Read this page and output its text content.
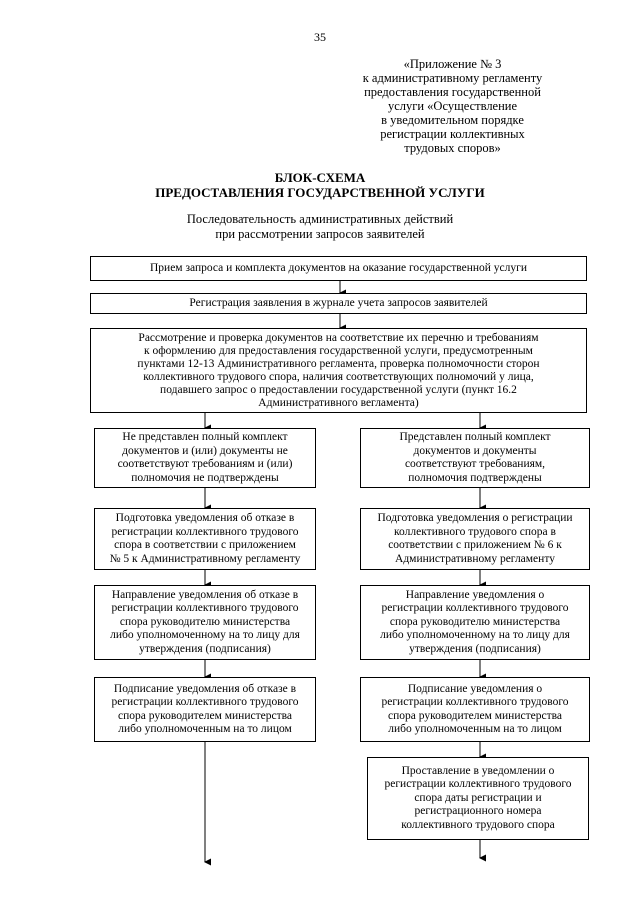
35
«Приложение № 3
к административному регламенту
предоставления государственной
услуги «Осуществление
в уведомительном порядке
регистрации коллективных
трудовых споров»
БЛОК-СХЕМА
ПРЕДОСТАВЛЕНИЯ ГОСУДАРСТВЕННОЙ УСЛУГИ
Последовательность административных действий
при рассмотрении запросов заявителей
Прием запроса и комплекта документов на оказание государственной услуги
Регистрация заявления в журнале учета запросов заявителей
Рассмотрение и проверка документов на соответствие их перечню и требованиям
к оформлению для предоставления государственной услуги, предусмотренным
пунктами 12-13 Административного регламента, проверка полномочности сторон
коллективного трудового спора, наличия соответствующих полномочий у лица,
подавшего запрос о предоставлении государственной услуги (пункт 16.2
Административного вегламента)
Не представлен полный комплект
документов и (или) документы не
соответствуют требованиям и (или)
полномочия не подтверждены
Подготовка уведомления об отказе в
регистрации коллективного трудового
спора в соответствии с приложением
№ 5 к Административному регламенту
Направление уведомления об отказе в
регистрации коллективного трудового
спора руководителю министерства
либо уполномоченному на то лицу для
утверждения (подписания)
Подписание уведомления об отказе в
регистрации коллективного трудового
спора руководителем министерства
либо уполномоченным на то лицом
Представлен полный комплект
документов и документы
соответствуют требованиям,
полномочия подтверждены
Подготовка уведомления о регистрации
коллективного трудового спора в
соответствии с приложением № 6 к
Административному регламенту
Направление уведомления о
регистрации коллективного трудового
спора руководителю министерства
либо уполномоченному на то лицу для
утверждения (подписания)
Подписание уведомления о
регистрации коллективного трудового
спора руководителем министерства
либо уполномоченным на то лицом
Проставление в уведомлении о
регистрации коллективного трудового
спора даты регистрации и
регистрационного номера
коллективного трудового спора
